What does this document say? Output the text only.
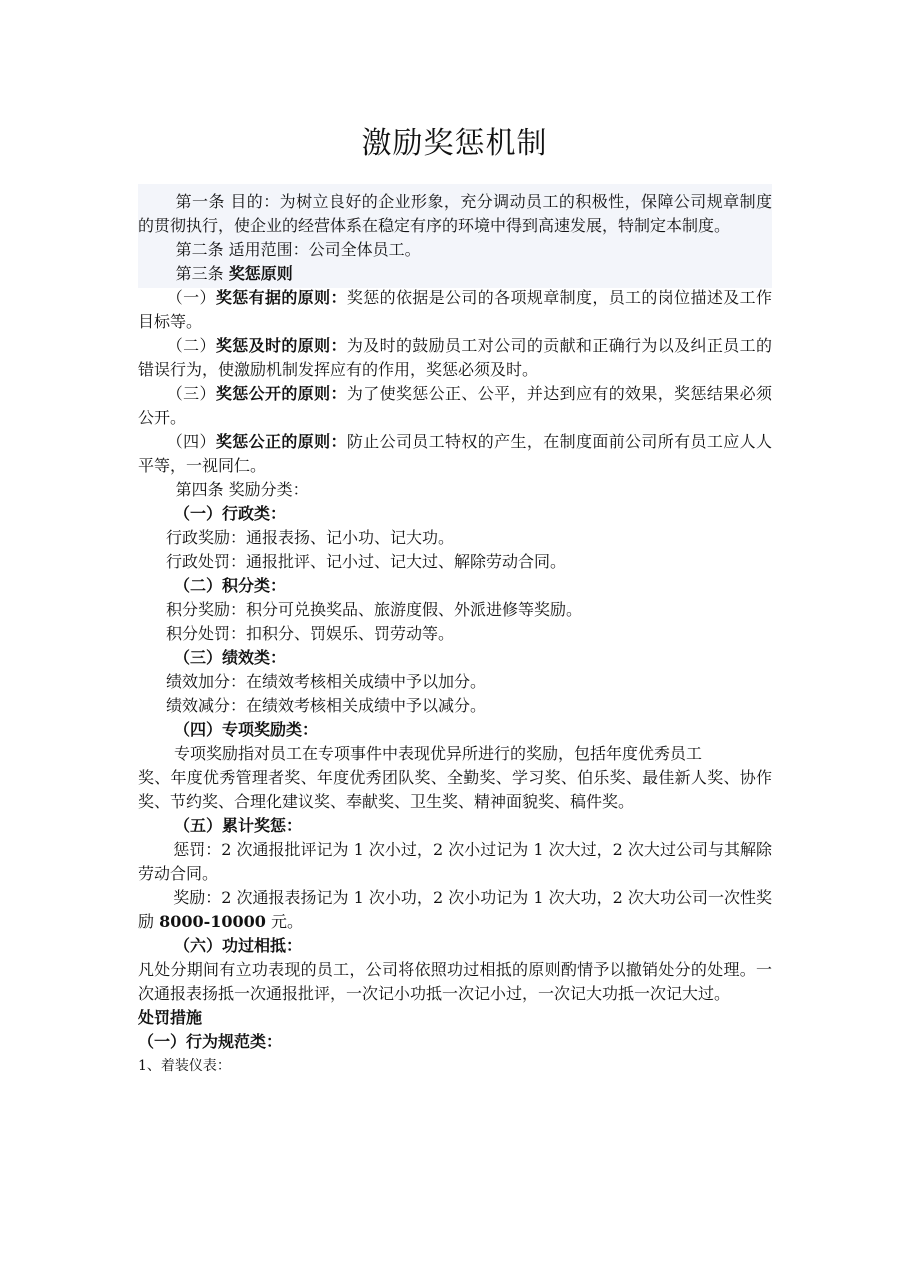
激励奖惩机制

第一条 目的：为树立良好的企业形象，充分调动员工的积极性，保障公司规章制度的贯彻执行，使企业的经营体系在稳定有序的环境中得到高速发展，特制定本制度。

第二条 适用范围：公司全体员工。

第三条 奖惩原则

（一）奖惩有据的原则：奖惩的依据是公司的各项规章制度，员工的岗位描述及工作目标等。

（二）奖惩及时的原则：为及时的鼓励员工对公司的贡献和正确行为以及纠正员工的错误行为，使激励机制发挥应有的作用，奖惩必须及时。

（三）奖惩公开的原则：为了使奖惩公正、公平，并达到应有的效果，奖惩结果必须公开。

（四）奖惩公正的原则：防止公司员工特权的产生，在制度面前公司所有员工应人人平等，一视同仁。

第四条 奖励分类：

（一）行政类：

行政奖励：通报表扬、记小功、记大功。

行政处罚：通报批评、记小过、记大过、解除劳动合同。

（二）积分类：

积分奖励：积分可兑换奖品、旅游度假、外派进修等奖励。

积分处罚：扣积分、罚娱乐、罚劳动等。

（三）绩效类：

绩效加分：在绩效考核相关成绩中予以加分。

绩效减分：在绩效考核相关成绩中予以减分。

（四）专项奖励类：

专项奖励指对员工在专项事件中表现优异所进行的奖励，包括年度优秀员工

奖、年度优秀管理者奖、年度优秀团队奖、全勤奖、学习奖、伯乐奖、最佳新人奖、协作奖、节约奖、合理化建议奖、奉献奖、卫生奖、精神面貌奖、稿件奖。

（五）累计奖惩：

惩罚：2 次通报批评记为 1 次小过，2 次小过记为 1 次大过，2 次大过公司与其解除劳动合同。

奖励：2 次通报表扬记为 1 次小功，2 次小功记为 1 次大功，2 次大功公司一次性奖励 8000-10000 元。

（六）功过相抵：

凡处分期间有立功表现的员工，公司将依照功过相抵的原则酌情予以撤销处分的处理。一次通报表扬抵一次通报批评，一次记小功抵一次记小过，一次记大功抵一次记大过。

处罚措施

（一）行为规范类：

1、着装仪表：
